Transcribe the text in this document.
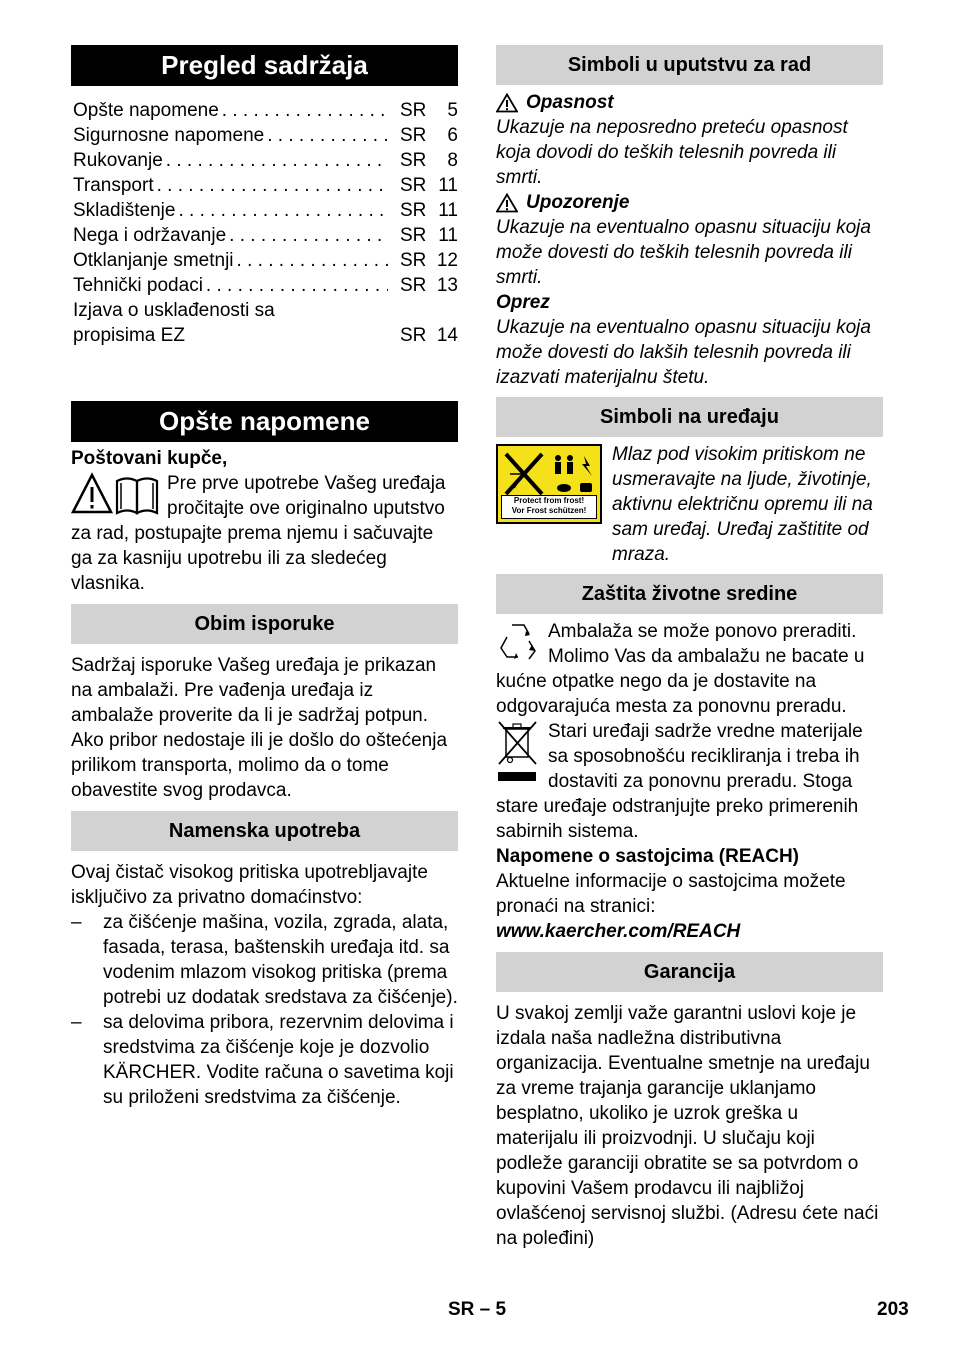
Pregled sadržaja
Opšte napomene . . .	SR	5
Sigurnosne napomene . . .	SR	6
Rukovanje . . .	SR	8
Transport . . .	SR 11
Skladištenje . . .	SR 11
Nega i održavanje . . .	SR 11
Otklanjanje smetnji . . .	SR 12
Tehnički podaci . . .	SR 13
Izjava o usklađenosti sa
propisima EZ	SR 14
Opšte napomene

Poštovani kupče,

Pre prve upotrebe Vašeg uređaja pročitajte ove originalno uputstvo za rad, postupajte prema njemu i sačuvajte ga za kasniju upotrebu ili za sledećeg vlasnika.
Obim isporuke

Sadržaj isporuke Vašeg uređaja je prikazan na ambalaži. Pre vađenja uređaja iz ambalaže proverite da li je sadržaj potpun.

Ako pribor nedostaje ili je došlo do oštećenja prilikom transporta, molimo da o tome obavestite svog prodavca.

Namenska upotreba

Ovaj čistač visokog pritiska upotrebljavajte isključivo za privatno domaćinstvo:

– za čišćenje mašina, vozila, zgrada, alata, fasada, terasa, baštenskih uređaja itd. sa vodenim mlazom visokog pritiska (prema potrebi uz dodatak sredstava za čišćenje).
– sa delovima pribora, rezervnim delovima i sredstvima za čišćenje koje je dozvolio KÄRCHER. Vodite računa o savetima koji su priloženi sredstvima za čišćenje.
Simboli u uputstvu za rad
Opasnost

Ukazuje na neposredno preteću opasnost koja dovodi do teških telesnih povreda ili smrti.

Upozorenje

Ukazuje na eventualno opasnu situaciju koja može dovesti do teških telesnih povreda ili smrti.

Oprez

Ukazuje na eventualno opasnu situaciju koja može dovesti do lakših telesnih povreda ili izazvati materijalnu štetu.

Simboli na uređaju
Protect from frost!
Vor Frost schützen!

Mlaz pod visokim pritiskom ne usmeravajte na ljude, životinje, aktivnu električnu opremu ili na sam uređaj. Uređaj zaštitite od mraza.

Zaštita životne sredine
Ambalaža se može ponovo preraditi. Molimo Vas da ambalažu ne bacate u kućne otpatke nego da je dostavite na odgovarajuća mesta za ponovnu preradu.
Stari uređaji sadrže vredne materijale sa sposobnošću recikliranja i treba ih dostaviti za ponovnu preradu. Stoga stare uređaje odstranjujte preko primerenih sabirnih sistema.

Napomene o sastojcima (REACH)

Aktuelne informacije o sastojcima možete pronaći na stranici:

www.kaercher.com/REACH

Garancija

U svakoj zemlji važe garantni uslovi koje je izdala naša nadležna distributivna organizacija. Eventualne smetnje na uređaju za vreme trajanja garancije uklanjamo besplatno, ukoliko je uzrok greška u materijalu ili proizvodnji. U slučaju koji podleže garanciji obratite se sa potvrdom o kupovini Vašem prodavcu ili najbližoj ovlašćenoj servisnoj službi. (Adresu ćete naći na poleđini)

SR – 5	203
